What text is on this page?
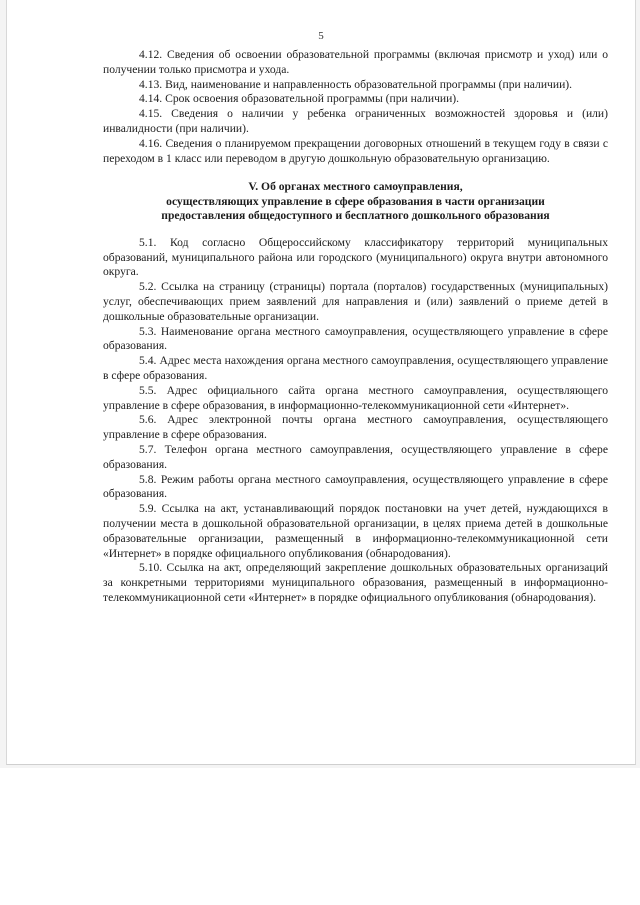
5

4.12. Сведения об освоении образовательной программы (включая присмотр и уход) или о получении только присмотра и ухода.

4.13. Вид, наименование и направленность образовательной программы (при наличии).

4.14. Срок освоения образовательной программы (при наличии).

4.15. Сведения о наличии у ребенка ограниченных возможностей здоровья и (или) инвалидности (при наличии).

4.16. Сведения о планируемом прекращении договорных отношений в текущем году в связи с переходом в 1 класс или переводом в другую дошкольную образовательную организацию.

V. Об органах местного самоуправления,
осуществляющих управление в сфере образования в части организации
предоставления общедоступного и бесплатного дошкольного образования

5.1. Код согласно Общероссийскому классификатору территорий муниципальных образований, муниципального района или городского (муниципального) округа внутри автономного округа.

5.2. Ссылка на страницу (страницы) портала (порталов) государственных (муниципальных) услуг, обеспечивающих прием заявлений для направления и (или) заявлений о приеме детей в дошкольные образовательные организации.

5.3. Наименование органа местного самоуправления, осуществляющего управление в сфере образования.

5.4. Адрес места нахождения органа местного самоуправления, осуществляющего управление в сфере образования.

5.5. Адрес официального сайта органа местного самоуправления, осуществляющего управление в сфере образования, в информационно-телекоммуникационной сети «Интернет».

5.6. Адрес электронной почты органа местного самоуправления, осуществляющего управление в сфере образования.

5.7. Телефон органа местного самоуправления, осуществляющего управление в сфере образования.

5.8. Режим работы органа местного самоуправления, осуществляющего управление в сфере образования.

5.9. Ссылка на акт, устанавливающий порядок постановки на учет детей, нуждающихся в получении места в дошкольной образовательной организации, в целях приема детей в дошкольные образовательные организации, размещенный в информационно-телекоммуникационной сети «Интернет» в порядке официального опубликования (обнародования).

5.10. Ссылка на акт, определяющий закрепление дошкольных образовательных организаций за конкретными территориями муниципального образования, размещенный в информационно-телекоммуникационной сети «Интернет» в порядке официального опубликования (обнародования).
